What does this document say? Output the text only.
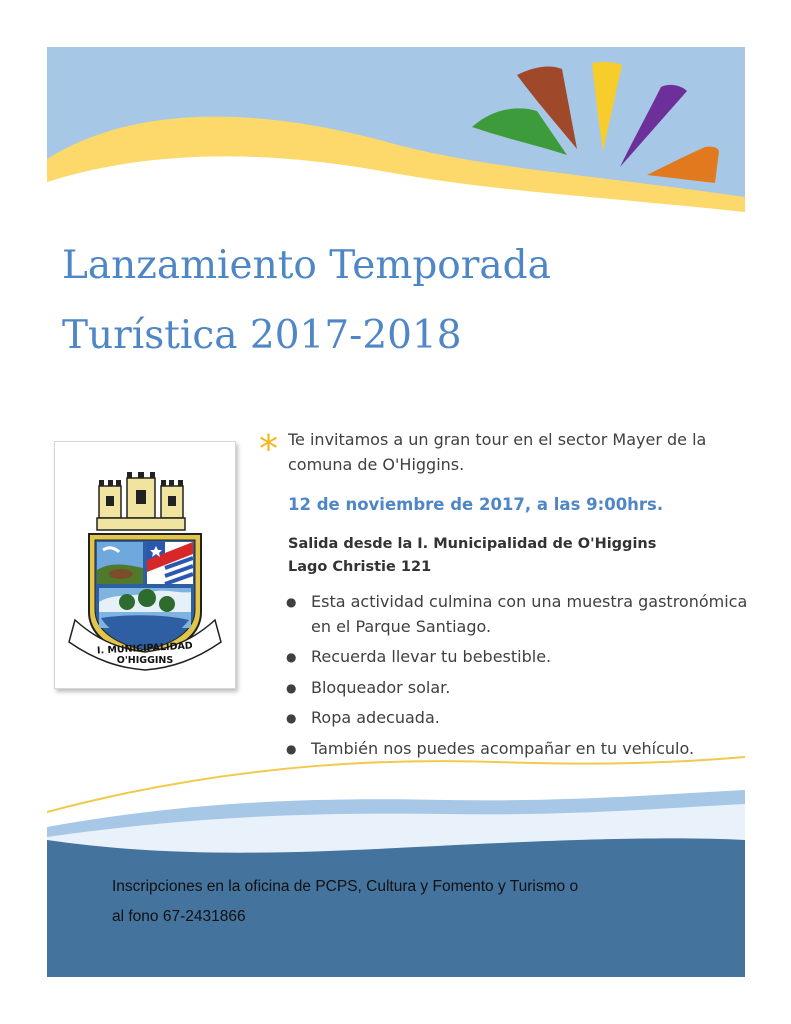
Lanzamiento Temporada
Turística 2017-2018
I. MUNICIPALIDAD
O'HIGGINS
* Te invitamos a un gran tour en el sector Mayer de la comuna de O'Higgins.
12 de noviembre de 2017, a las 9:00hrs.
Salida desde la I. Municipalidad de O'Higgins
Lago Christie 121
● Esta actividad culmina con una muestra gastronómica en el Parque Santiago.
● Recuerda llevar tu bebestible.
● Bloqueador solar.
● Ropa adecuada.
● También nos puedes acompañar en tu vehículo.
Inscripciones en la oficina de PCPS, Cultura y Fomento y Turismo o
al fono 67-2431866
